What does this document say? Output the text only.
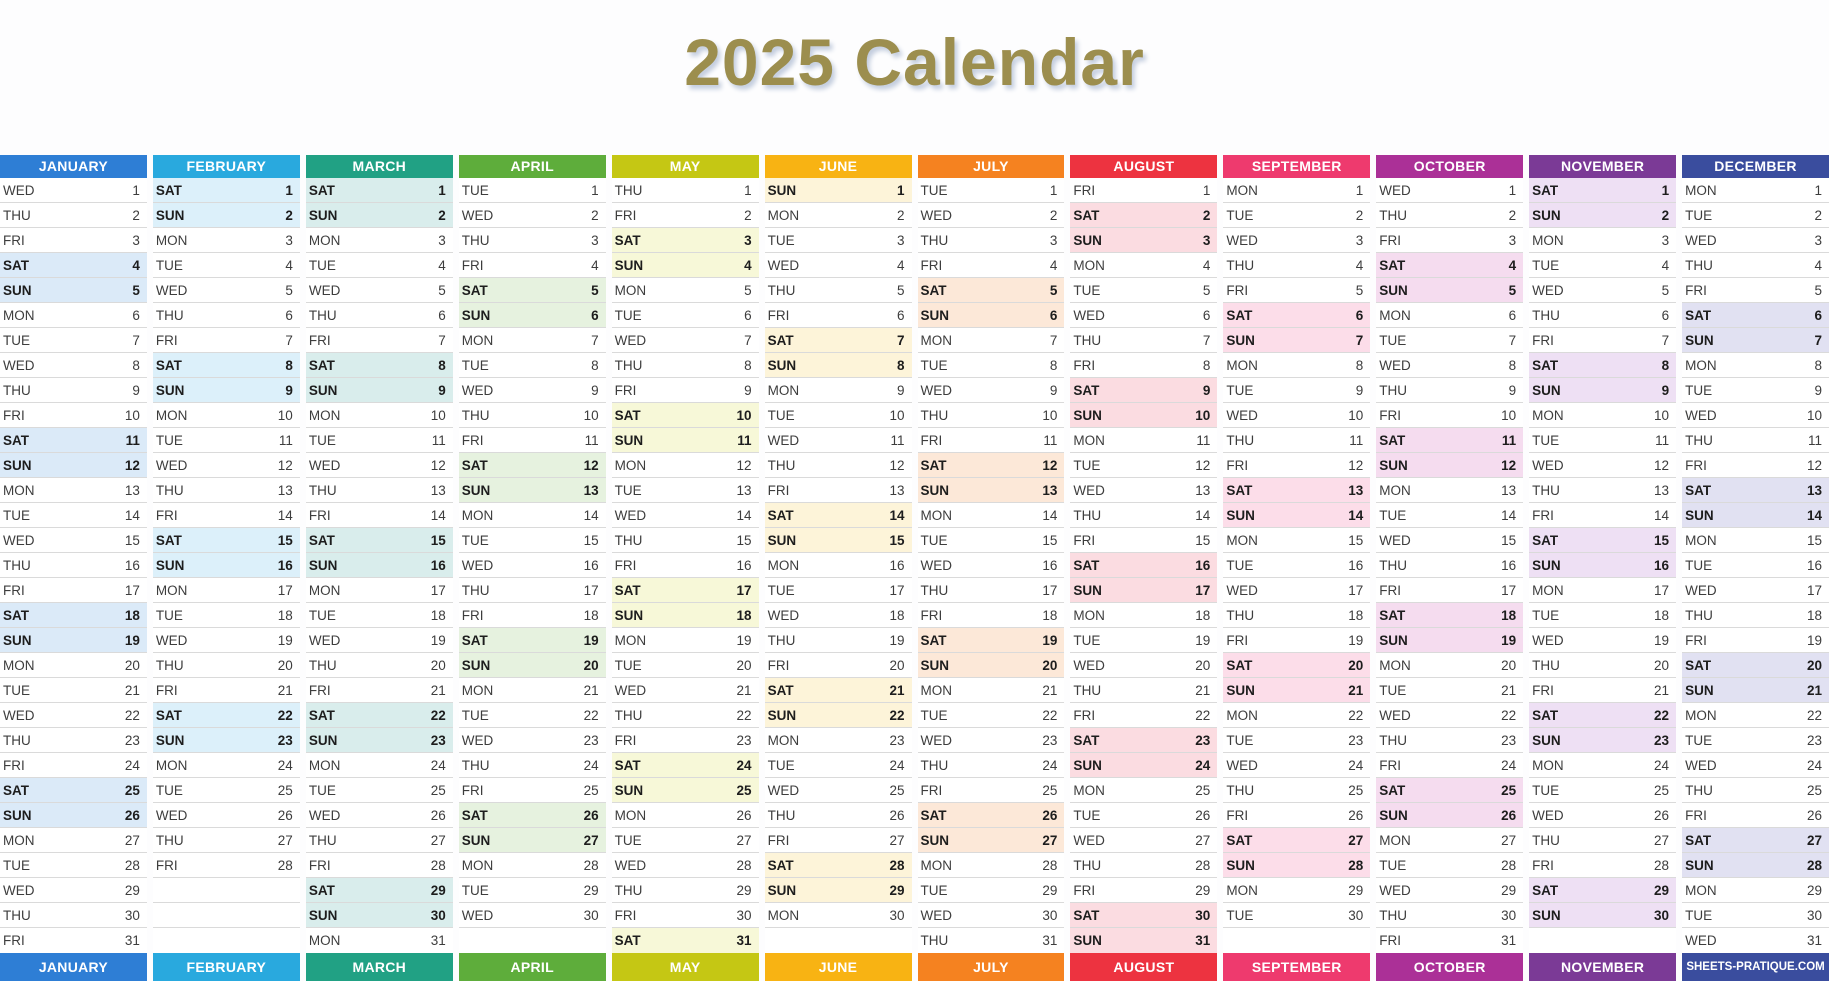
2025 Calendar
JANUARY
WED	1
THU	2
FRI	3
SAT	4
SUN	5
MON	6
TUE	7
WED	8
THU	9
FRI	10
SAT	11
SUN	12
MON	13
TUE	14
WED	15
THU	16
FRI	17
SAT	18
SUN	19
MON	20
TUE	21
WED	22
THU	23
FRI	24
SAT	25
SUN	26
MON	27
TUE	28
WED	29
THU	30
FRI	31
JANUARY
FEBRUARY
SAT	1
SUN	2
MON	3
TUE	4
WED	5
THU	6
FRI	7
SAT	8
SUN	9
MON	10
TUE	11
WED	12
THU	13
FRI	14
SAT	15
SUN	16
MON	17
TUE	18
WED	19
THU	20
FRI	21
SAT	22
SUN	23
MON	24
TUE	25
WED	26
THU	27
FRI	28
FEBRUARY
MARCH
SAT	1
SUN	2
MON	3
TUE	4
WED	5
THU	6
FRI	7
SAT	8
SUN	9
MON	10
TUE	11
WED	12
THU	13
FRI	14
SAT	15
SUN	16
MON	17
TUE	18
WED	19
THU	20
FRI	21
SAT	22
SUN	23
MON	24
TUE	25
WED	26
THU	27
FRI	28
SAT	29
SUN	30
MON	31
MARCH
APRIL
TUE	1
WED	2
THU	3
FRI	4
SAT	5
SUN	6
MON	7
TUE	8
WED	9
THU	10
FRI	11
SAT	12
SUN	13
MON	14
TUE	15
WED	16
THU	17
FRI	18
SAT	19
SUN	20
MON	21
TUE	22
WED	23
THU	24
FRI	25
SAT	26
SUN	27
MON	28
TUE	29
WED	30
APRIL
MAY
THU	1
FRI	2
SAT	3
SUN	4
MON	5
TUE	6
WED	7
THU	8
FRI	9
SAT	10
SUN	11
MON	12
TUE	13
WED	14
THU	15
FRI	16
SAT	17
SUN	18
MON	19
TUE	20
WED	21
THU	22
FRI	23
SAT	24
SUN	25
MON	26
TUE	27
WED	28
THU	29
FRI	30
SAT	31
MAY
JUNE
SUN	1
MON	2
TUE	3
WED	4
THU	5
FRI	6
SAT	7
SUN	8
MON	9
TUE	10
WED	11
THU	12
FRI	13
SAT	14
SUN	15
MON	16
TUE	17
WED	18
THU	19
FRI	20
SAT	21
SUN	22
MON	23
TUE	24
WED	25
THU	26
FRI	27
SAT	28
SUN	29
MON	30
JUNE
JULY
TUE	1
WED	2
THU	3
FRI	4
SAT	5
SUN	6
MON	7
TUE	8
WED	9
THU	10
FRI	11
SAT	12
SUN	13
MON	14
TUE	15
WED	16
THU	17
FRI	18
SAT	19
SUN	20
MON	21
TUE	22
WED	23
THU	24
FRI	25
SAT	26
SUN	27
MON	28
TUE	29
WED	30
THU	31
JULY
AUGUST
FRI	1
SAT	2
SUN	3
MON	4
TUE	5
WED	6
THU	7
FRI	8
SAT	9
SUN	10
MON	11
TUE	12
WED	13
THU	14
FRI	15
SAT	16
SUN	17
MON	18
TUE	19
WED	20
THU	21
FRI	22
SAT	23
SUN	24
MON	25
TUE	26
WED	27
THU	28
FRI	29
SAT	30
SUN	31
AUGUST
SEPTEMBER
MON	1
TUE	2
WED	3
THU	4
FRI	5
SAT	6
SUN	7
MON	8
TUE	9
WED	10
THU	11
FRI	12
SAT	13
SUN	14
MON	15
TUE	16
WED	17
THU	18
FRI	19
SAT	20
SUN	21
MON	22
TUE	23
WED	24
THU	25
FRI	26
SAT	27
SUN	28
MON	29
TUE	30
SEPTEMBER
OCTOBER
WED	1
THU	2
FRI	3
SAT	4
SUN	5
MON	6
TUE	7
WED	8
THU	9
FRI	10
SAT	11
SUN	12
MON	13
TUE	14
WED	15
THU	16
FRI	17
SAT	18
SUN	19
MON	20
TUE	21
WED	22
THU	23
FRI	24
SAT	25
SUN	26
MON	27
TUE	28
WED	29
THU	30
FRI	31
OCTOBER
NOVEMBER
SAT	1
SUN	2
MON	3
TUE	4
WED	5
THU	6
FRI	7
SAT	8
SUN	9
MON	10
TUE	11
WED	12
THU	13
FRI	14
SAT	15
SUN	16
MON	17
TUE	18
WED	19
THU	20
FRI	21
SAT	22
SUN	23
MON	24
TUE	25
WED	26
THU	27
FRI	28
SAT	29
SUN	30
NOVEMBER
DECEMBER
MON	1
TUE	2
WED	3
THU	4
FRI	5
SAT	6
SUN	7
MON	8
TUE	9
WED	10
THU	11
FRI	12
SAT	13
SUN	14
MON	15
TUE	16
WED	17
THU	18
FRI	19
SAT	20
SUN	21
MON	22
TUE	23
WED	24
THU	25
FRI	26
SAT	27
SUN	28
MON	29
TUE	30
WED	31
SHEETS-PRATIQUE.COM
